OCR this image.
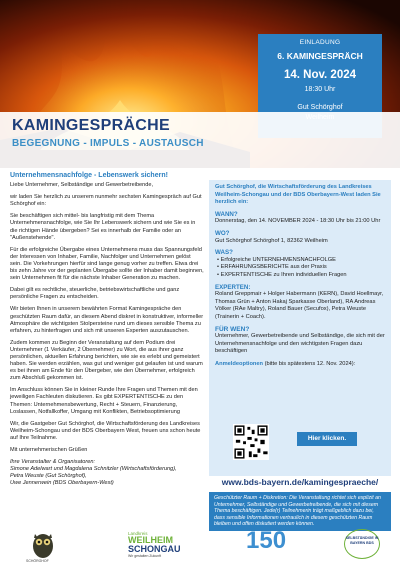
EINLADUNG
6. KAMINGESPRÄCH
14. Nov. 2024
18:30 Uhr
Gut Schörghof
KAMINGESPRÄCHE
BEGEGNUNG - IMPULS - AUSTAUSCH
Unternehmensnachfolge - Lebenswerk sichern!

Liebe Unternehmer, Selbständige und Gewerbetreibende,

wir laden Sie herzlich zu unserem nunmehr sechsten Kamingespräch auf Gut Schörghof ein:

Sie beschäftigen sich mittel- bis langfristig mit dem Thema Unternehmensnachfolge, wie Sie Ihr Lebenswerk sichern und wie Sie es in die richtigen Hände übergeben? Sei es innerhalb der Familie oder an "Außenstehende".

Für die erfolgreiche Übergabe eines Unternehmens muss das Spannungsfeld der Interessen von Inhaber, Familie, Nachfolger und Unternehmen gelöst sein. Die Vorkehrungen hierfür sind lange genug vorher zu treffen. Etwa drei bis zehn Jahre vor der geplanten Übergabe sollte der Inhaber damit beginnen, sein Unternehmen fit für die nächste Inhaber Generation zu machen.

Dabei gilt es rechtliche, steuerliche, betriebswirtschaftliche und ganz persönliche Fragen zu entscheiden.

Wir bieten Ihnen in unserem bewährten Format Kamingespräche den geschützten Raum dafür, an diesem Abend diskret in konstruktiver, informeller Atmosphäre die wichtigsten Stolpersteine rund um dieses sensible Thema zu erfahren, zu hinterfragen und sich mit unseren Experten auszutauschen.

Zudem kommen zu Beginn der Veranstaltung auf dem Podium drei Unternehmer (1 Verkäufer, 2 Übernehmer) zu Wort, die aus ihrer ganz persönlichen, aktuellen Erfahrung berichten, wie sie es erlebt und gemeistert haben. Sie werden erzählen, was gut und weniger gut gelaufen ist und warum es bei ihnen am Ende für den Übergeber, wie den Übernehmer, erfolgreich zum Abschluß gekommen ist.

Im Anschluss können Sie in kleiner Runde Ihre Fragen und Themen mit den jeweiligen Fachleuten diskutieren. Es gibt EXPERTENTISCHE zu den Themen: Unternehmensbewertung, Recht + Steuern, Finanzierung, Loslassen, Notfallkoffer, Umgang mit Konflikten, Betriebsoptimierung

Wir, die Gastgeber Gut Schörghof, die Wirtschaftsförderung des Landkreises Weilheim-Schongau und der BDS Oberbayern West, freuen uns schon heute auf Ihre Teilnahme.

Mit unternehmerischen Grüßen

Ihre Veranstalter & Organisatoren:
Simone Adelwart und Magdalena Schnitzler (Wirtschaftsförderung),
Petra Weuste (Gut Schörghof),
Uwe Jennerwein (BDS Oberbayern-West)
Gut Schörghof, die Wirtschaftsförderung des Landkreises Weilheim-Schongau und der BDS Oberbayern-West laden Sie herzlich ein:
WANN?
Donnerstag, den 14. NOVEMBER 2024 - 18:30 Uhr bis 21:00 Uhr
WO?
Gut Schörghof Schörghof 1, 82362 Weilheim
WAS?
• Erfolgreiche UNTERNEHMENSNACHFOLGE
• ERFAHRUNGSBERICHTE aus der Praxis
• EXPERTENTISCHE zu Ihren individuellen Fragen
EXPERTEN:
Roland Greppmair + Holger Habermann (KERN), David Hoellmayr, Thomas Grün + Anton Hakaj Sparkasse Oberland), RA Andreas Völker (RAe Maltry), Roland Bauer (Secufox), Petra Weuste (Trainerin + Coach).
FÜR WEN?
Unternehmer, Gewerbetreibende und Selbständige, die sich mit der Unternehmensnachfolge und den wichtigsten Fragen dazu beschäftigen
Anmeldeoptionen (bitte bis spätestens 12. Nov. 2024):
Hier klicken.
www.bds-bayern.de/kamingespraeche/
Geschützter Raum + Diskretion: Die Veranstaltung richtet sich explizit an Unternehmer, Selbständige und Gewerbetreibende, die sich mit diesem Thema beschäftigen. Jede(r) Teilnehmerin trägt maßgeblich dazu bei, dass sensible Informationen vertraulich in diesem geschützten Raum bleiben und offen diskutiert werden können.
SCHÖRGHOF
Landkreis
WEILHEIM
SCHONGAU
Wir gestalten Zukunft
150	SELBSTÄNDIGE IN BAYERN BDS
